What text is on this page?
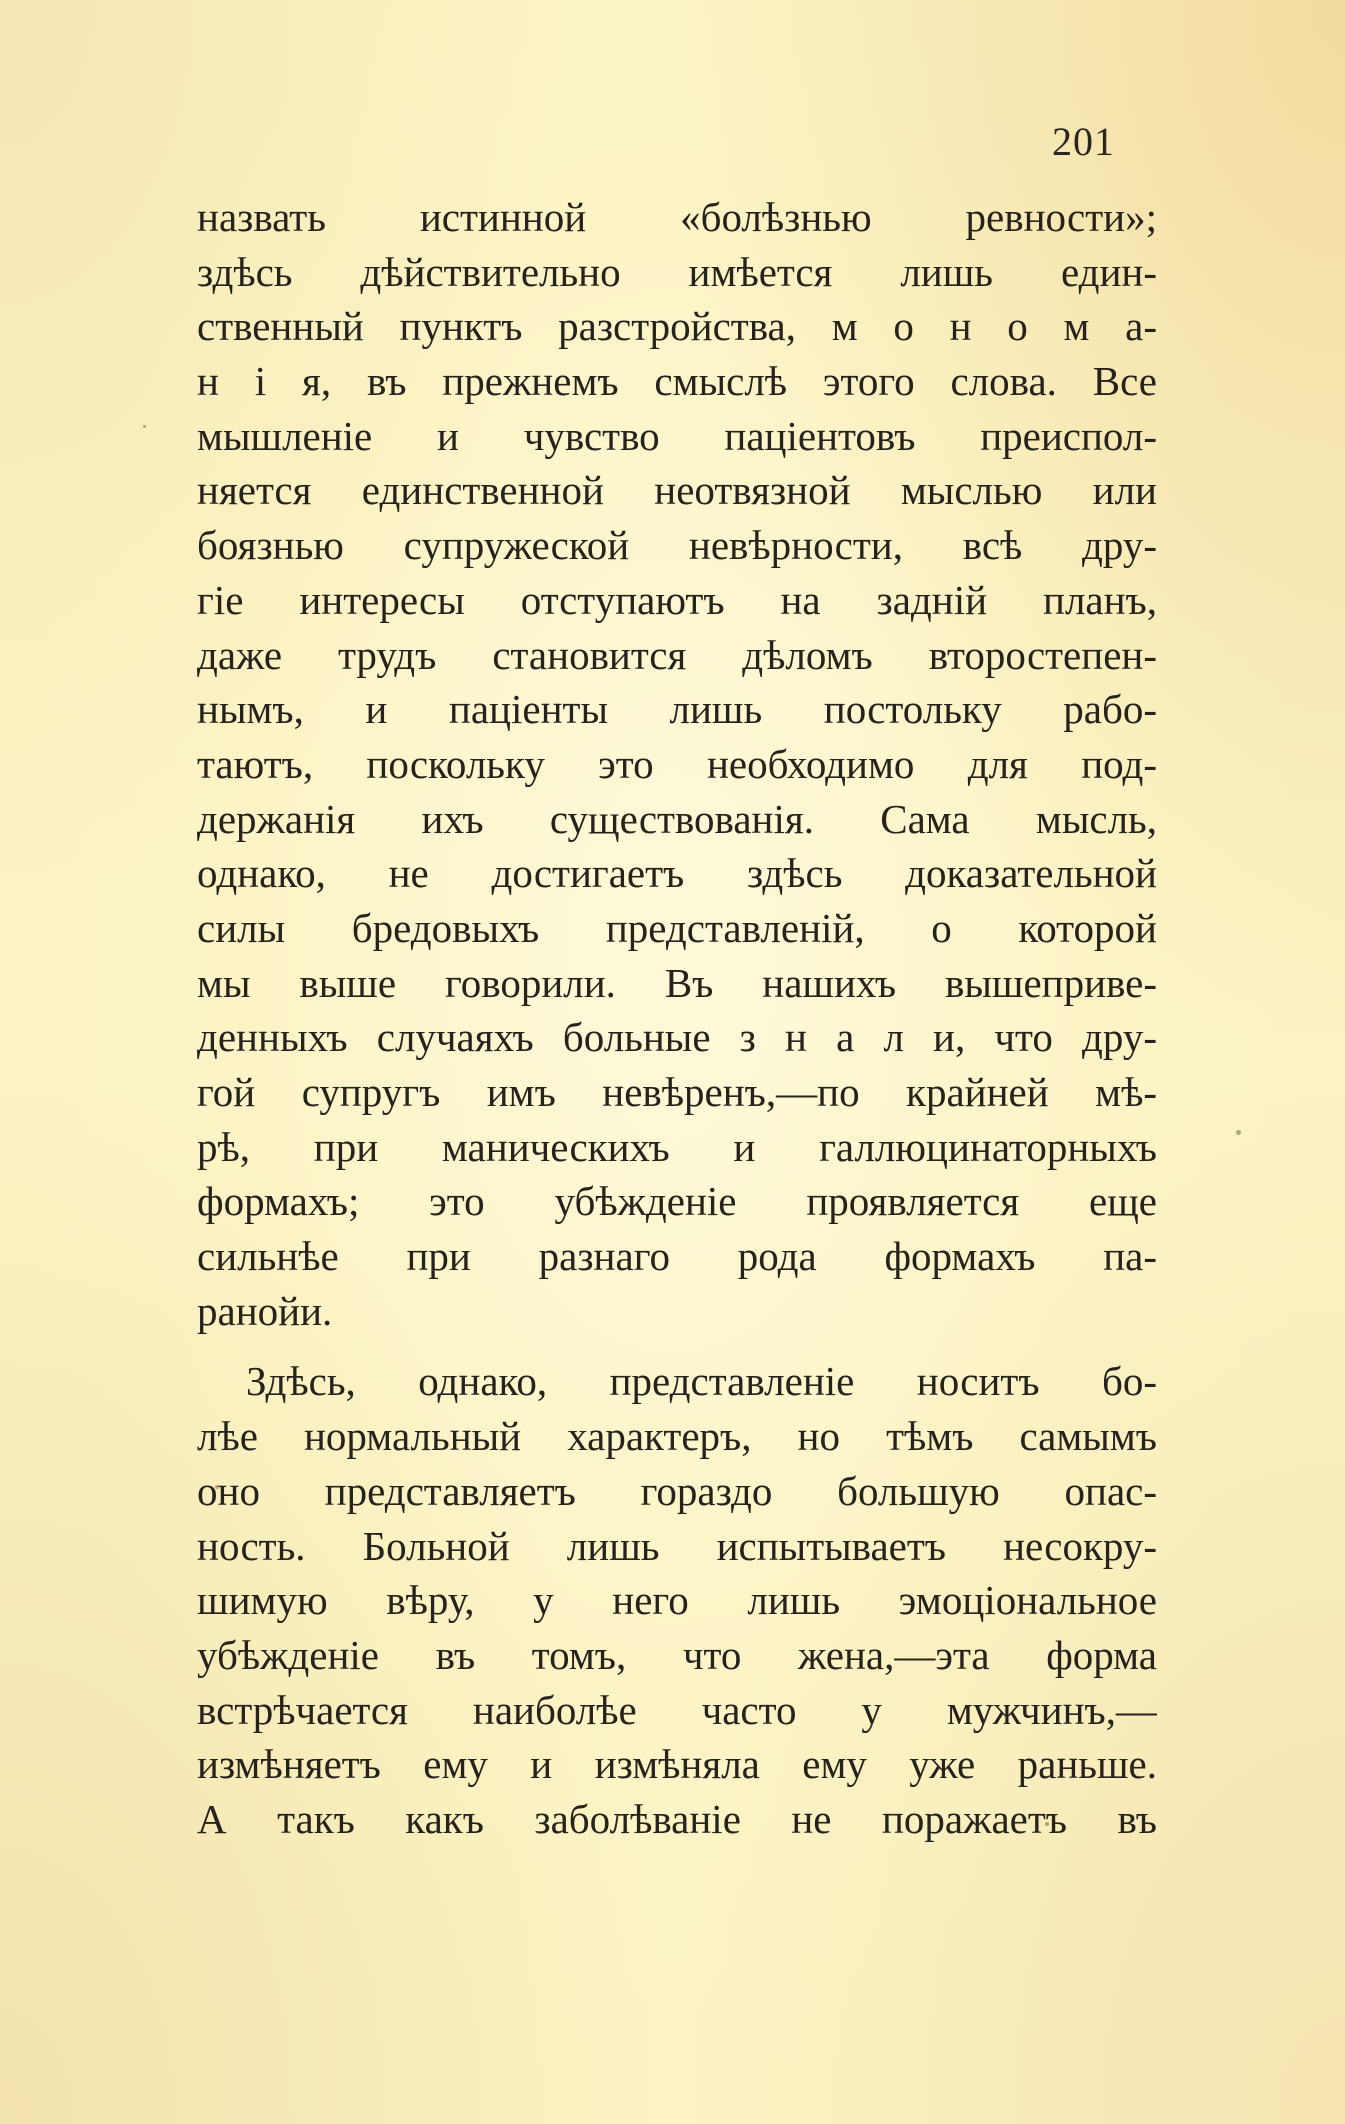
201
назвать истинной «болѣзнью ревности»;
здѣсь дѣйствительно имѣется лишь един-
ственный пунктъ разстройства, м о н о м а-
н і я, въ прежнемъ смыслѣ этого слова. Все
мышленіе и чувство паціентовъ преиспол-
няется единственной неотвязной мыслью или
боязнью супружеской невѣрности, всѣ дру-
гіе интересы отступаютъ на задній планъ,
даже трудъ становится дѣломъ второстепен-
нымъ, и паціенты лишь постольку рабо-
таютъ, поскольку это необходимо для под-
держанія ихъ существованія. Сама мысль,
однако, не достигаетъ здѣсь доказательной
силы бредовыхъ представленій, о которой
мы выше говорили. Въ нашихъ вышеприве-
денныхъ случаяхъ больные з н а л и, что дру-
гой супругъ имъ невѣренъ,—по крайней мѣ-
рѣ, при маническихъ и галлюцинаторныхъ
формахъ; это убѣжденіе проявляется еще
сильнѣе при разнаго рода формахъ па-
ранойи.
Здѣсь, однако, представленіе носитъ бо-
лѣе нормальный характеръ, но тѣмъ самымъ
оно представляетъ гораздо большую опас-
ность. Больной лишь испытываетъ несокру-
шимую вѣру, у него лишь эмоціональное
убѣжденіе въ томъ, что жена,—эта форма
встрѣчается наиболѣе часто у мужчинъ,—
измѣняетъ ему и измѣняла ему уже раньше.
А такъ какъ заболѣваніе не поражаетъ въ
